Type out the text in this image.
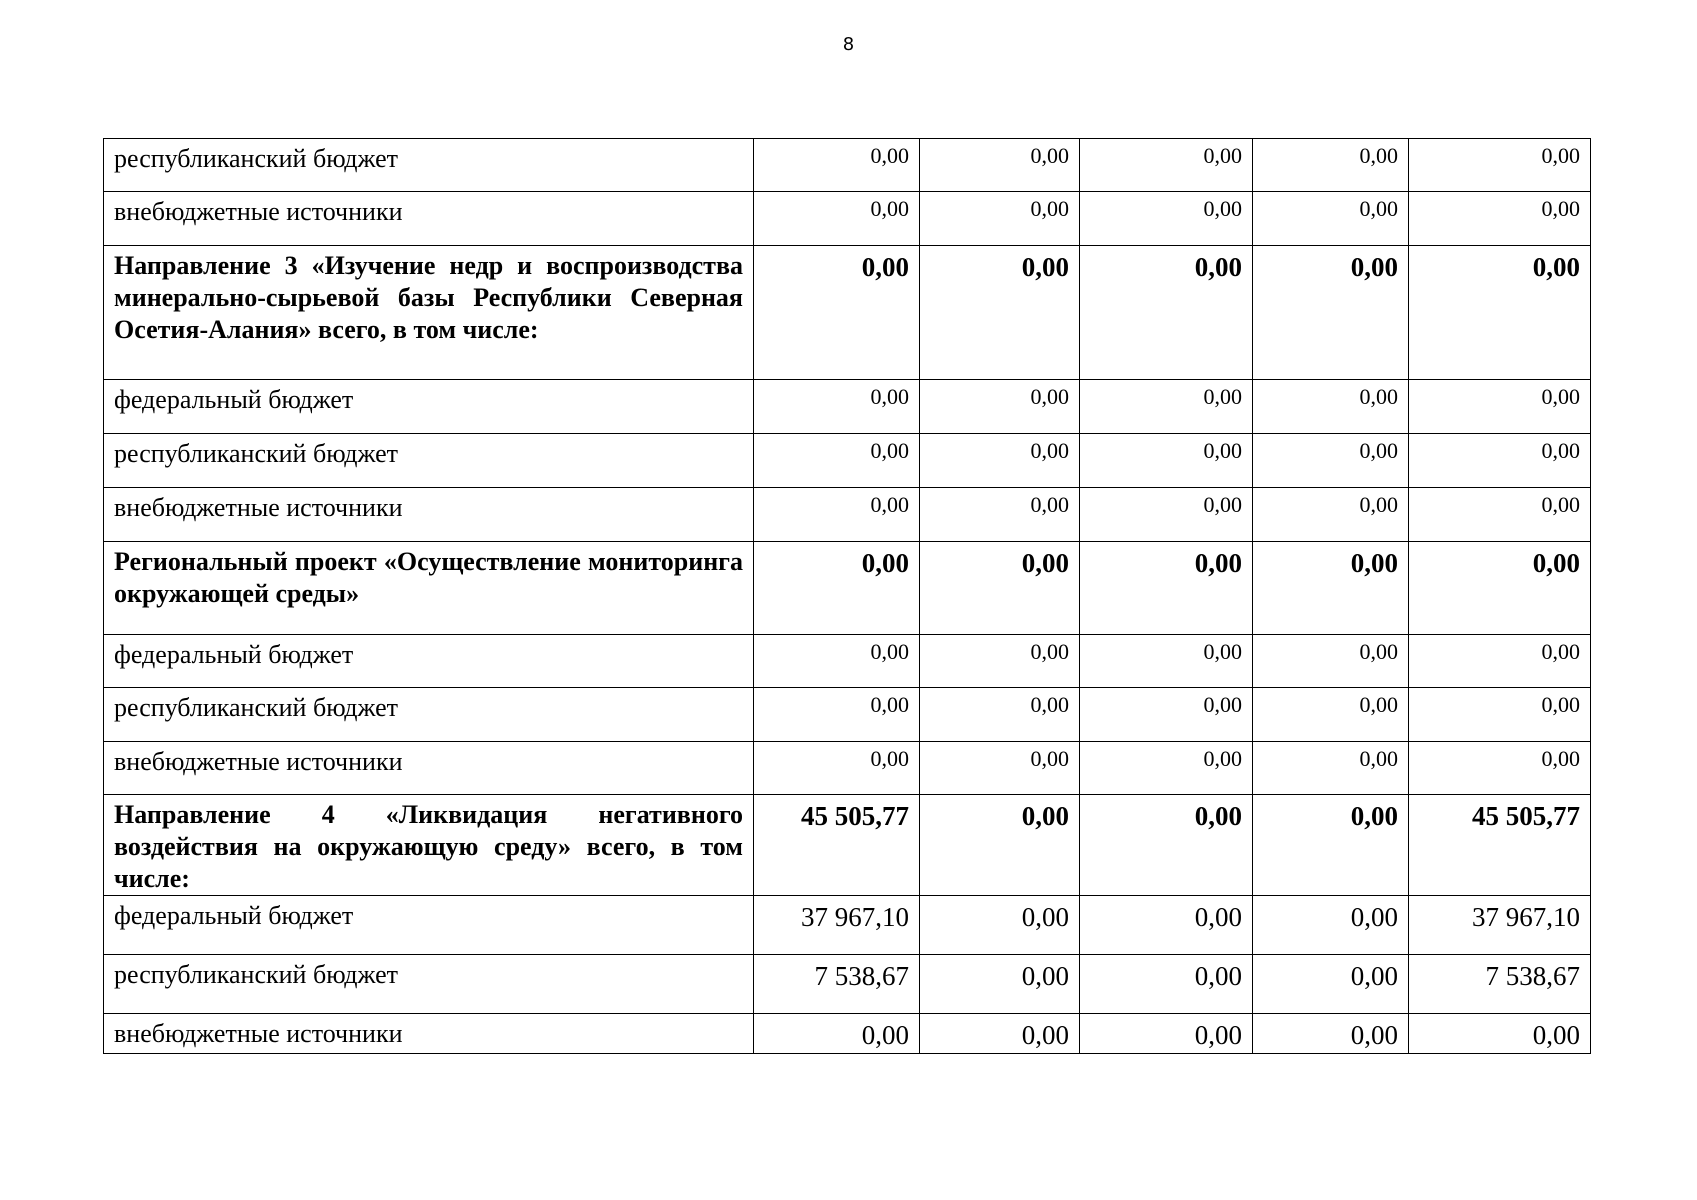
8
республиканский бюджет	0,00	0,00	0,00	0,00	0,00
внебюджетные источники	0,00	0,00	0,00	0,00	0,00
Направление 3 «Изучение недр и воспроизводства минерально-сырьевой базы Республики Северная Осетия-Алания» всего, в том числе:	0,00	0,00	0,00	0,00	0,00
федеральный бюджет	0,00	0,00	0,00	0,00	0,00
республиканский бюджет	0,00	0,00	0,00	0,00	0,00
внебюджетные источники	0,00	0,00	0,00	0,00	0,00
Региональный проект «Осуществление мониторинга окружающей среды»	0,00	0,00	0,00	0,00	0,00
федеральный бюджет	0,00	0,00	0,00	0,00	0,00
республиканский бюджет	0,00	0,00	0,00	0,00	0,00
внебюджетные источники	0,00	0,00	0,00	0,00	0,00
Направление 4 «Ликвидация негативного воздействия на окружающую среду» всего, в том числе:	45 505,77	0,00	0,00	0,00	45 505,77
федеральный бюджет	37 967,10	0,00	0,00	0,00	37 967,10
республиканский бюджет	7 538,67	0,00	0,00	0,00	7 538,67
внебюджетные источники	0,00	0,00	0,00	0,00	0,00
